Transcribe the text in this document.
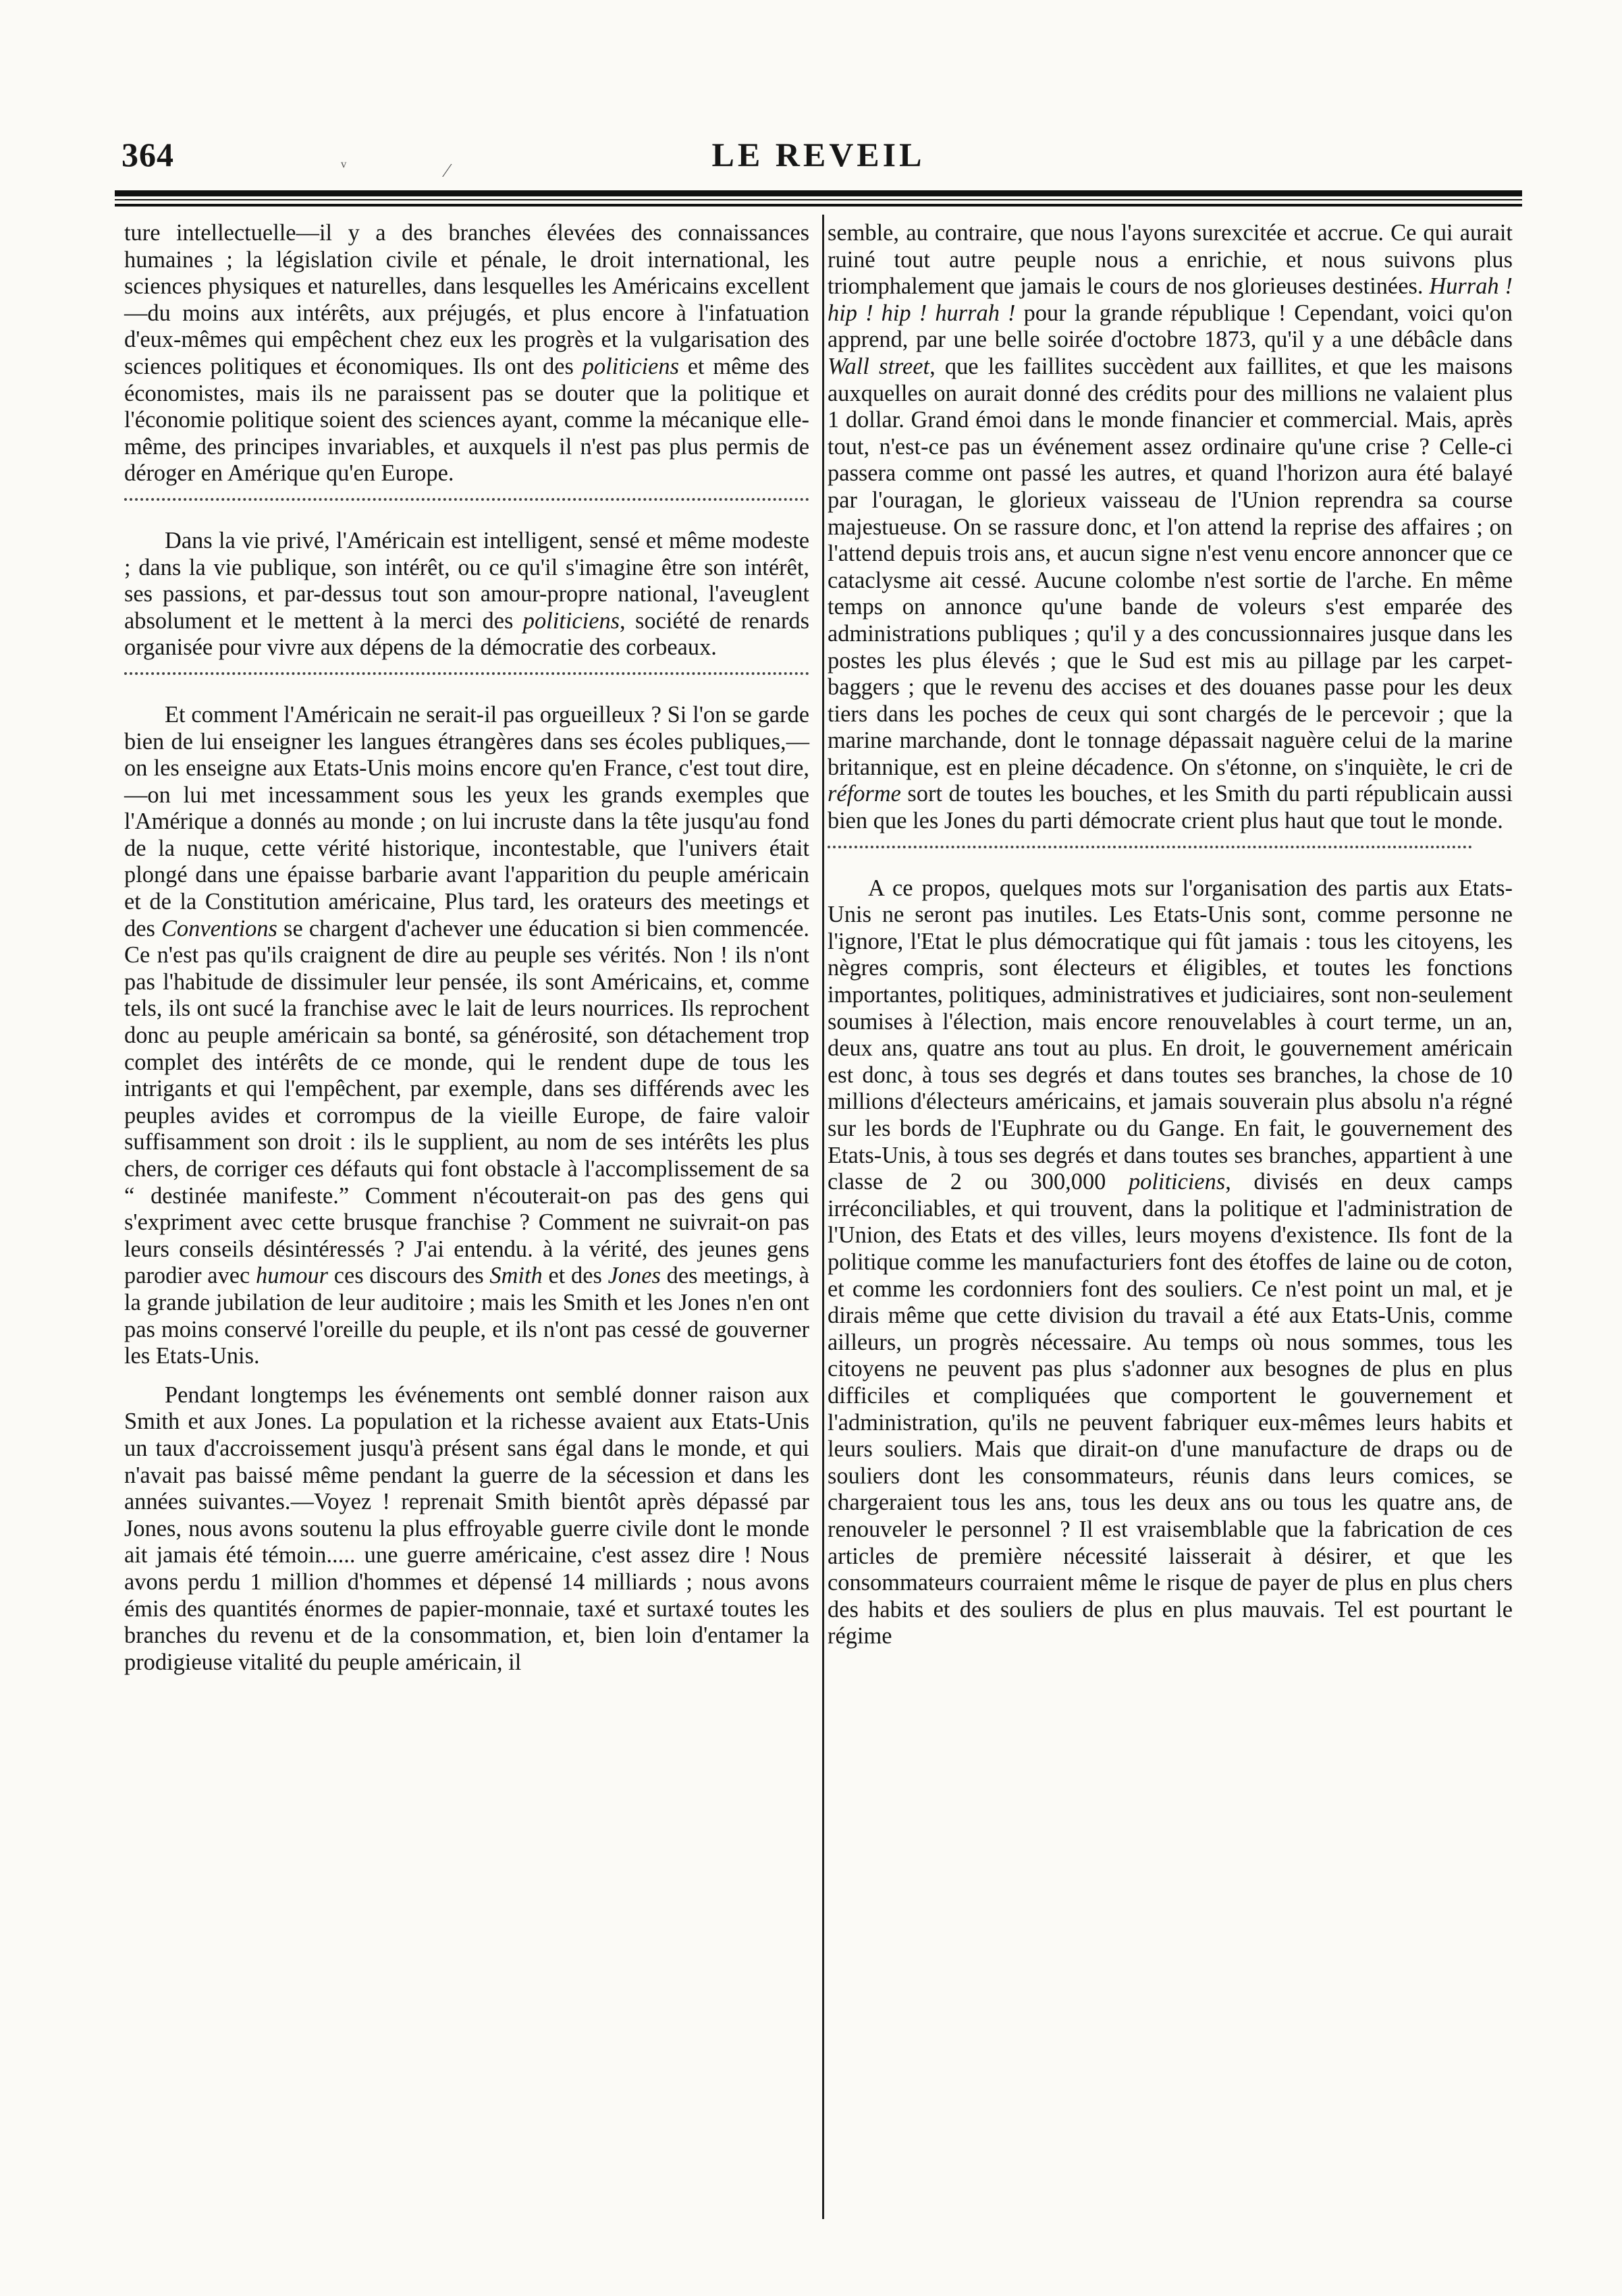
364	LE REVEIL
ᵥ
⁄

ture intellectuelle—il y a des branches élevées des connaissances humaines ; la législation civile et pénale, le droit international, les sciences physiques et naturelles, dans lesquelles les Américains excellent—du moins aux intérêts, aux préjugés, et plus encore à l'infatuation d'eux-mêmes qui empêchent chez eux les progrès et la vulgarisation des sciences politiques et économiques. Ils ont des politiciens et même des économistes, mais ils ne paraissent pas se douter que la politique et l'économie politique soient des sciences ayant, comme la mécanique elle-même, des principes invariables, et auxquels il n'est pas plus permis de déroger en Amérique qu'en Europe.

Dans la vie privé, l'Américain est intelligent, sensé et même modeste ; dans la vie publique, son intérêt, ou ce qu'il s'imagine être son intérêt, ses passions, et par-dessus tout son amour-propre national, l'aveuglent absolument et le mettent à la merci des politiciens, société de renards organisée pour vivre aux dépens de la démocratie des corbeaux.

Et comment l'Américain ne serait-il pas orgueilleux ? Si l'on se garde bien de lui enseigner les langues étrangères dans ses écoles publiques,—on les enseigne aux Etats-Unis moins encore qu'en France, c'est tout dire,—on lui met incessamment sous les yeux les grands exemples que l'Amérique a donnés au monde ; on lui incruste dans la tête jusqu'au fond de la nuque, cette vérité historique, incontestable, que l'univers était plongé dans une épaisse barbarie avant l'apparition du peuple américain et de la Constitution américaine, Plus tard, les orateurs des meetings et des Conventions se chargent d'achever une éducation si bien commencée. Ce n'est pas qu'ils craignent de dire au peuple ses vérités. Non ! ils n'ont pas l'habitude de dissimuler leur pensée, ils sont Américains, et, comme tels, ils ont sucé la franchise avec le lait de leurs nourrices. Ils reprochent donc au peuple américain sa bonté, sa générosité, son détachement trop complet des intérêts de ce monde, qui le rendent dupe de tous les intrigants et qui l'empêchent, par exemple, dans ses différends avec les peuples avides et corrompus de la vieille Europe, de faire valoir suffisamment son droit : ils le supplient, au nom de ses intérêts les plus chers, de corriger ces défauts qui font obstacle à l'accomplissement de sa “ destinée manifeste.” Comment n'écouterait-on pas des gens qui s'expriment avec cette brusque franchise ? Comment ne suivrait-on pas leurs conseils désintéressés ? J'ai entendu. à la vérité, des jeunes gens parodier avec humour ces discours des Smith et des Jones des meetings, à la grande jubilation de leur auditoire ; mais les Smith et les Jones n'en ont pas moins conservé l'oreille du peuple, et ils n'ont pas cessé de gouverner les Etats-Unis.

Pendant longtemps les événements ont semblé donner raison aux Smith et aux Jones. La population et la richesse avaient aux Etats-Unis un taux d'accroissement jusqu'à présent sans égal dans le monde, et qui n'avait pas baissé même pendant la guerre de la sécession et dans les années suivantes.—Voyez ! reprenait Smith bientôt après dépassé par Jones, nous avons soutenu la plus effroyable guerre civile dont le monde ait jamais été témoin..... une guerre américaine, c'est assez dire ! Nous avons perdu 1 million d'hommes et dépensé 14 milliards ; nous avons émis des quantités énormes de papier-monnaie, taxé et surtaxé toutes les branches du revenu et de la consommation, et, bien loin d'entamer la prodigieuse vitalité du peuple américain, il

semble, au contraire, que nous l'ayons surexcitée et accrue. Ce qui aurait ruiné tout autre peuple nous a enrichie, et nous suivons plus triomphalement que jamais le cours de nos glorieuses destinées. Hurrah ! hip ! hip ! hurrah ! pour la grande république ! Cependant, voici qu'on apprend, par une belle soirée d'octobre 1873, qu'il y a une débâcle dans Wall street, que les faillites succèdent aux faillites, et que les maisons auxquelles on aurait donné des crédits pour des millions ne valaient plus 1 dollar. Grand émoi dans le monde financier et commercial. Mais, après tout, n'est-ce pas un événement assez ordinaire qu'une crise ? Celle-ci passera comme ont passé les autres, et quand l'horizon aura été balayé par l'ouragan, le glorieux vaisseau de l'Union reprendra sa course majestueuse. On se rassure donc, et l'on attend la reprise des affaires ; on l'attend depuis trois ans, et aucun signe n'est venu encore annoncer que ce cataclysme ait cessé. Aucune colombe n'est sortie de l'arche. En même temps on annonce qu'une bande de voleurs s'est emparée des administrations publiques ; qu'il y a des concussionnaires jusque dans les postes les plus élevés ; que le Sud est mis au pillage par les carpet-baggers ; que le revenu des accises et des douanes passe pour les deux tiers dans les poches de ceux qui sont chargés de le percevoir ; que la marine marchande, dont le tonnage dépassait naguère celui de la marine britannique, est en pleine décadence. On s'étonne, on s'inquiète, le cri de réforme sort de toutes les bouches, et les Smith du parti républicain aussi bien que les Jones du parti démocrate crient plus haut que tout le monde.

A ce propos, quelques mots sur l'organisation des partis aux Etats-Unis ne seront pas inutiles. Les Etats-Unis sont, comme personne ne l'ignore, l'Etat le plus démocratique qui fût jamais : tous les citoyens, les nègres compris, sont électeurs et éligibles, et toutes les fonctions importantes, politiques, administratives et judiciaires, sont non-seulement soumises à l'élection, mais encore renouvelables à court terme, un an, deux ans, quatre ans tout au plus. En droit, le gouvernement américain est donc, à tous ses degrés et dans toutes ses branches, la chose de 10 millions d'électeurs américains, et jamais souverain plus absolu n'a régné sur les bords de l'Euphrate ou du Gange. En fait, le gouvernement des Etats-Unis, à tous ses degrés et dans toutes ses branches, appartient à une classe de 2 ou 300,000 politiciens, divisés en deux camps irréconciliables, et qui trouvent, dans la politique et l'administration de l'Union, des Etats et des villes, leurs moyens d'existence. Ils font de la politique comme les manufacturiers font des étoffes de laine ou de coton, et comme les cordonniers font des souliers. Ce n'est point un mal, et je dirais même que cette division du travail a été aux Etats-Unis, comme ailleurs, un progrès nécessaire. Au temps où nous sommes, tous les citoyens ne peuvent pas plus s'adonner aux besognes de plus en plus difficiles et compliquées que comportent le gouvernement et l'administration, qu'ils ne peuvent fabriquer eux-mêmes leurs habits et leurs souliers. Mais que dirait-on d'une manufacture de draps ou de souliers dont les consommateurs, réunis dans leurs comices, se chargeraient tous les ans, tous les deux ans ou tous les quatre ans, de renouveler le personnel ? Il est vraisemblable que la fabrication de ces articles de première nécessité laisserait à désirer, et que les consommateurs courraient même le risque de payer de plus en plus chers des habits et des souliers de plus en plus mauvais. Tel est pourtant le régime
